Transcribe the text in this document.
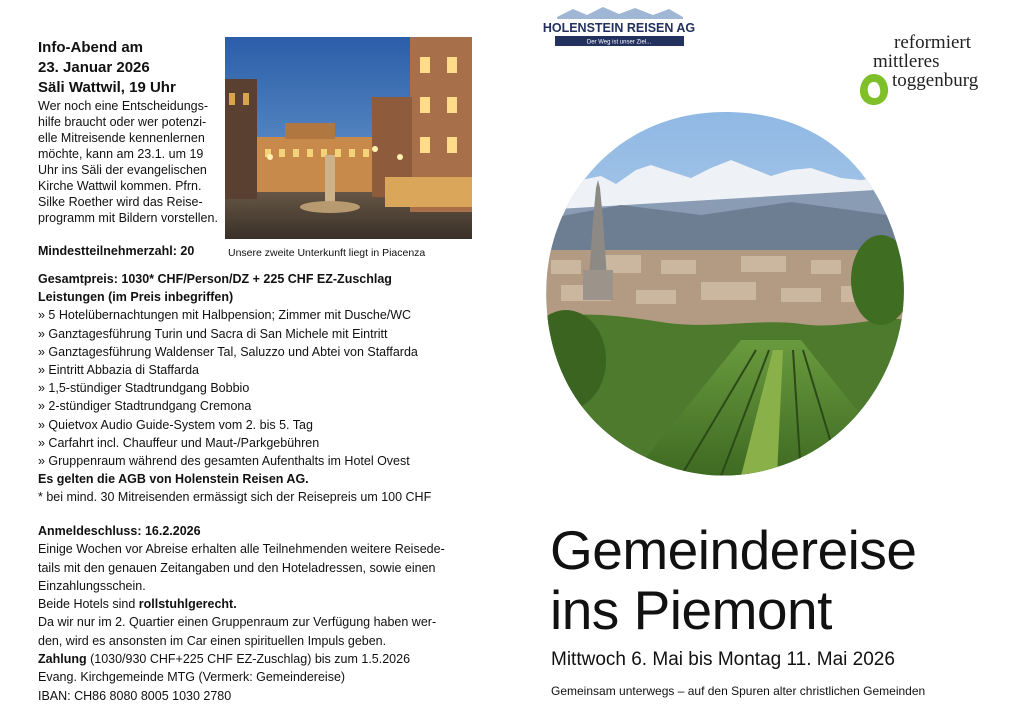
Info-Abend am
23. Januar 2026
Säli Wattwil, 19 Uhr
Wer noch eine Entscheidungs-
hilfe braucht oder wer potenzi-
elle Mitreisende kennenlernen
möchte, kann am 23.1. um 19
Uhr ins Säli der evangelischen
Kirche Wattwil kommen. Pfrn.
Silke Roether wird das Reise-
programm mit Bildern vorstellen.
Mindestteilnehmerzahl: 20	Unsere zweite Unterkunft liegt in Piacenza
Gesamtpreis: 1030* CHF/Person/DZ + 225 CHF EZ-Zuschlag
Leistungen (im Preis inbegriffen)
» 5 Hotelübernachtungen mit Halbpension; Zimmer mit Dusche/WC
» Ganztagesführung Turin und Sacra di San Michele mit Eintritt
» Ganztagesführung Waldenser Tal, Saluzzo und Abtei von Staffarda
» Eintritt Abbazia di Staffarda
» 1,5-stündiger Stadtrundgang Bobbio
» 2-stündiger Stadtrundgang Cremona
» Quietvox Audio Guide-System vom 2. bis 5. Tag
» Carfahrt incl. Chauffeur und Maut-/Parkgebühren
» Gruppenraum während des gesamten Aufenthalts im Hotel Ovest
Es gelten die AGB von Holenstein Reisen AG.
* bei mind. 30 Mitreisenden ermässigt sich der Reisepreis um 100 CHF
Anmeldeschluss: 16.2.2026
Einige Wochen vor Abreise erhalten alle Teilnehmenden weitere Reisede-
tails mit den genauen Zeitangaben und den Hoteladressen, sowie einen
Einzahlungsschein.
Beide Hotels sind rollstuhlgerecht.
Da wir nur im 2. Quartier einen Gruppenraum zur Verfügung haben wer-
den, wird es ansonsten im Car einen spirituellen Impuls geben.
Zahlung (1030/930 CHF+225 CHF EZ-Zuschlag) bis zum 1.5.2026
Evang. Kirchgemeinde MTG (Vermerk: Gemeindereise)
IBAN: CH86 8080 8005 1030 2780
HOLENSTEIN REISEN AG
Der Weg ist unser Ziel...	reformiert
mittleres
toggenburg
Gemeindereise
ins Piemont
Mittwoch 6. Mai bis Montag 11. Mai 2026
Gemeinsam unterwegs – auf den Spuren alter christlichen Gemeinden
